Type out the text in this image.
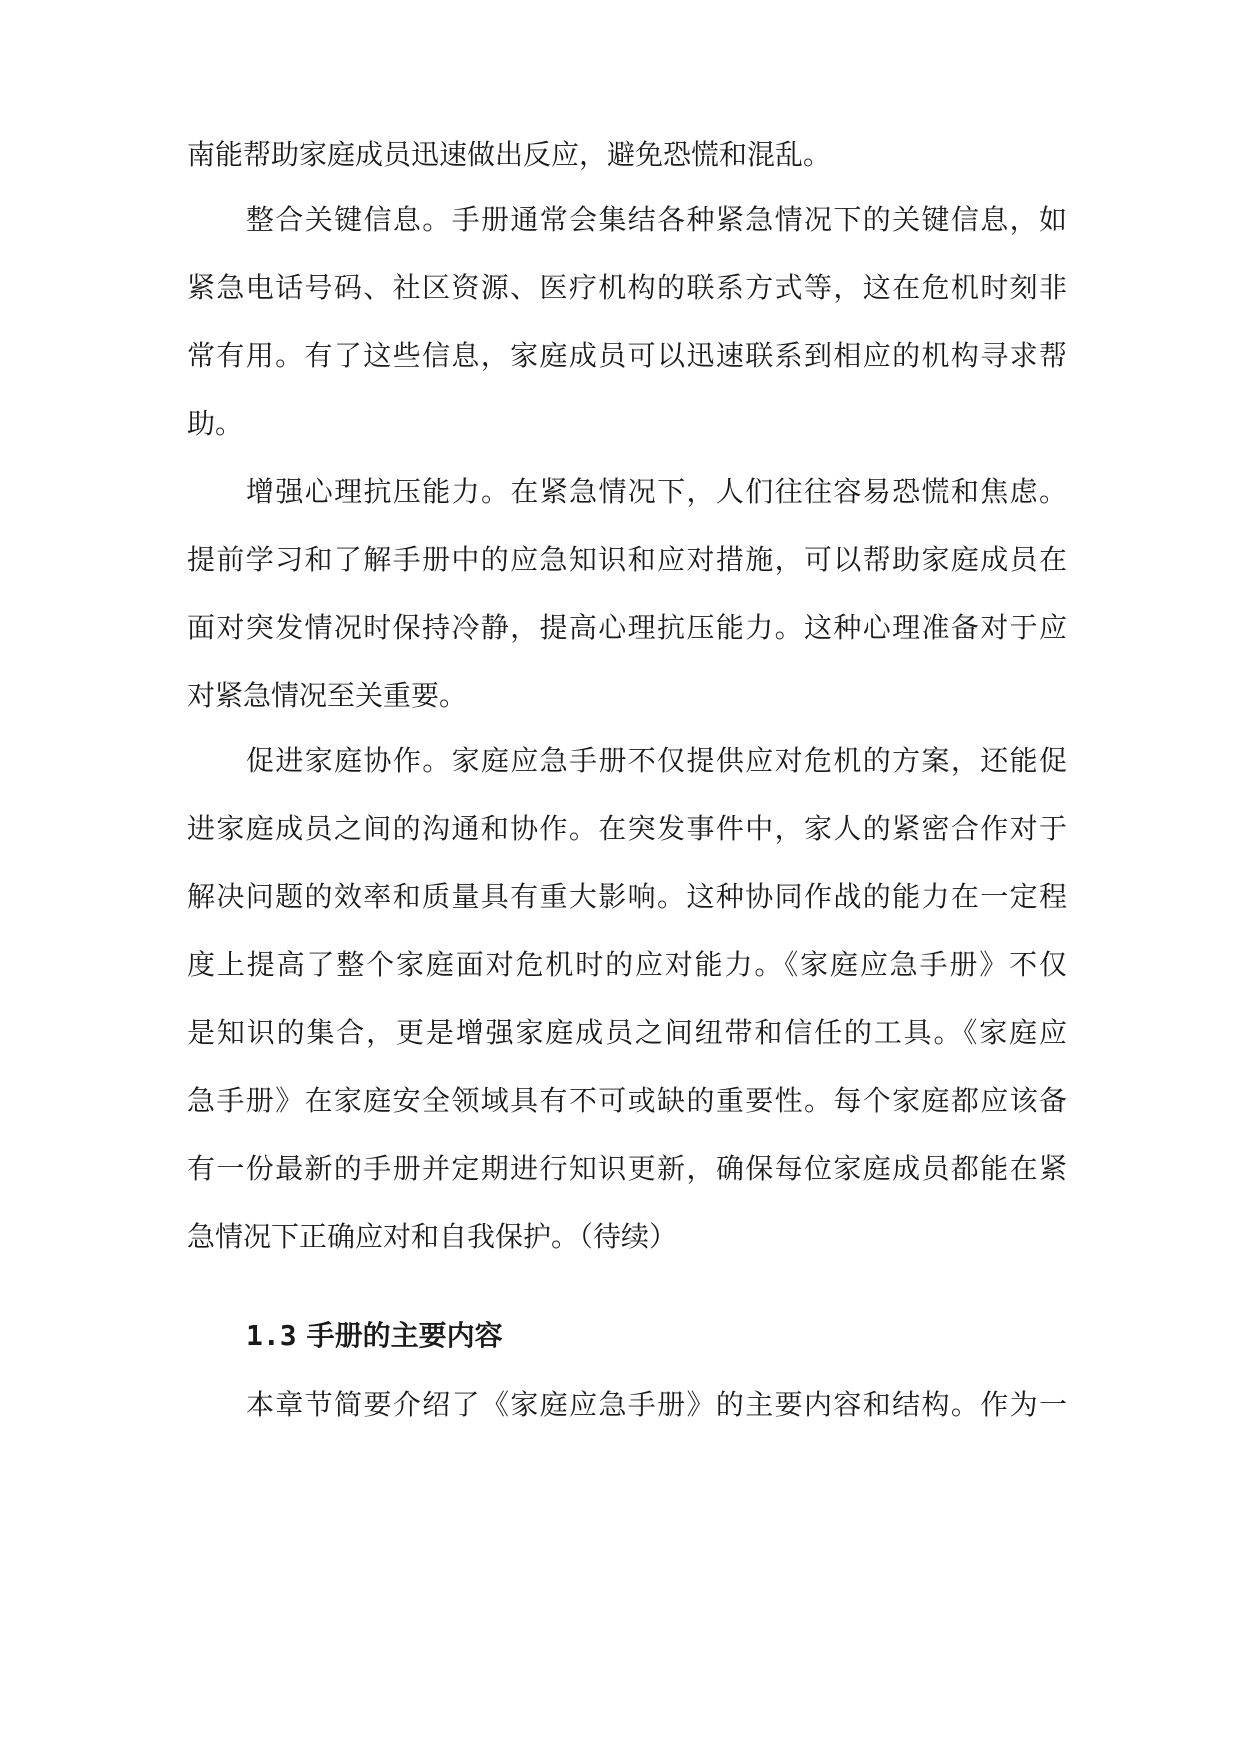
南能帮助家庭成员迅速做出反应，避免恐慌和混乱。
整合关键信息。手册通常会集结各种紧急情况下的关键信息，如
紧急电话号码、社区资源、医疗机构的联系方式等，这在危机时刻非
常有用。有了这些信息，家庭成员可以迅速联系到相应的机构寻求帮
助。
增强心理抗压能力。在紧急情况下，人们往往容易恐慌和焦虑。
提前学习和了解手册中的应急知识和应对措施，可以帮助家庭成员在
面对突发情况时保持冷静，提高心理抗压能力。这种心理准备对于应
对紧急情况至关重要。
促进家庭协作。家庭应急手册不仅提供应对危机的方案，还能促
进家庭成员之间的沟通和协作。在突发事件中，家人的紧密合作对于
解决问题的效率和质量具有重大影响。这种协同作战的能力在一定程
度上提高了整个家庭面对危机时的应对能力。《家庭应急手册》不仅
是知识的集合，更是增强家庭成员之间纽带和信任的工具。《家庭应
急手册》在家庭安全领域具有不可或缺的重要性。每个家庭都应该备
有一份最新的手册并定期进行知识更新，确保每位家庭成员都能在紧
急情况下正确应对和自我保护。（待续）
1.3 手册的主要内容
本章节简要介绍了《家庭应急手册》的主要内容和结构。作为一
